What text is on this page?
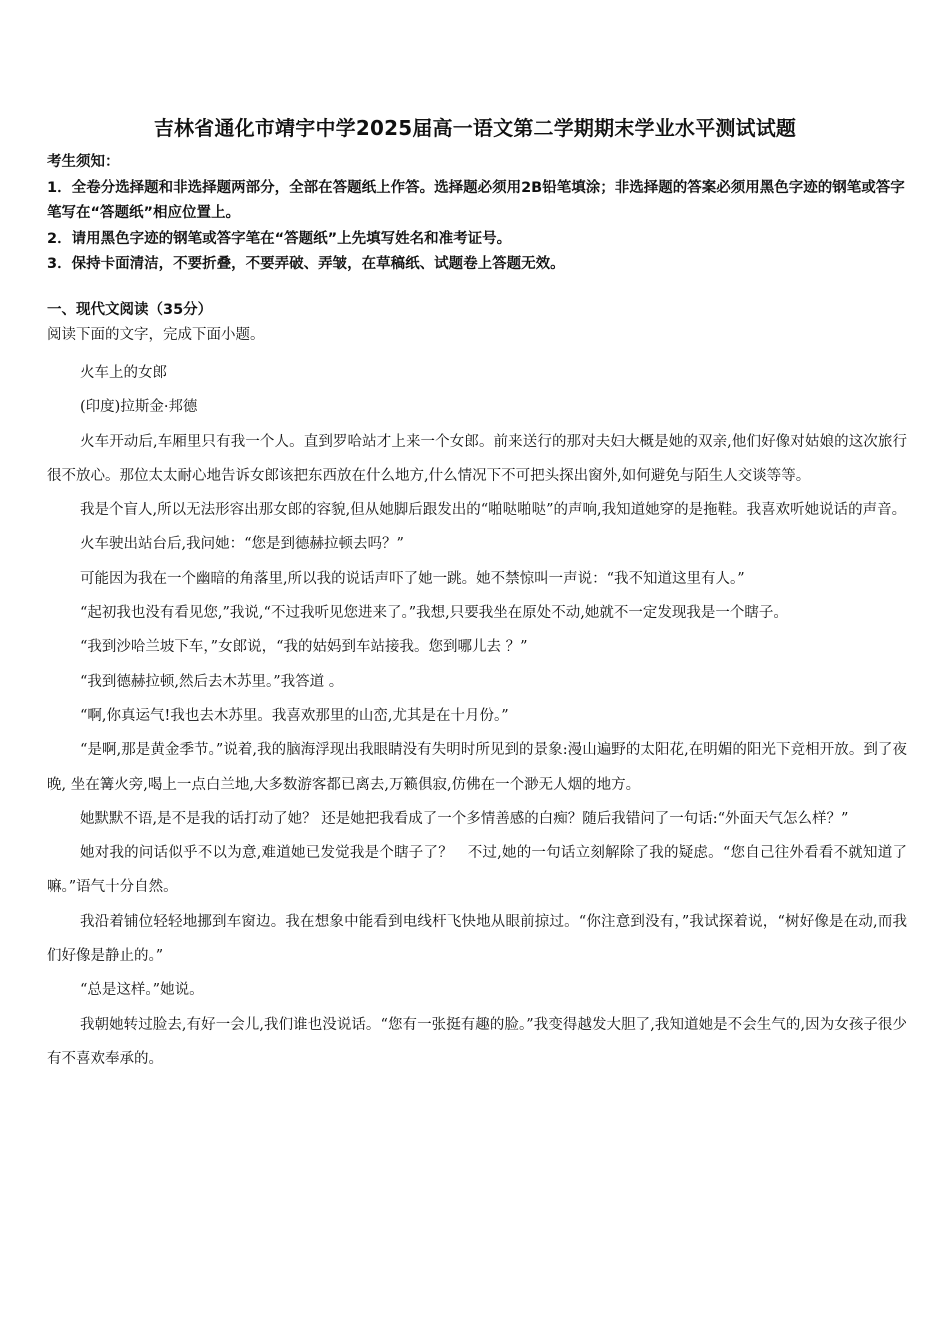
吉林省通化市靖宇中学2025届高一语文第二学期期末学业水平测试试题
考生须知：
1．全卷分选择题和非选择题两部分，全部在答题纸上作答。选择题必须用2B铅笔填涂；非选择题的答案必须用黑色字迹的钢笔或答字笔写在“答题纸”相应位置上。
2．请用黑色字迹的钢笔或答字笔在“答题纸”上先填写姓名和准考证号。
3．保持卡面清洁，不要折叠，不要弄破、弄皱，在草稿纸、试题卷上答题无效。
一、现代文阅读（35分）
阅读下面的文字，完成下面小题。

火车上的女郎

(印度)拉斯金·邦德

火车开动后,车厢里只有我一个人。直到罗哈站才上来一个女郎。前来送行的那对夫妇大概是她的双亲,他们好像对姑娘的这次旅行很不放心。那位太太耐心地告诉女郎该把东西放在什么地方,什么情况下不可把头探出窗外,如何避免与陌生人交谈等等。

我是个盲人,所以无法形容出那女郎的容貌,但从她脚后跟发出的“啪哒啪哒”的声响,我知道她穿的是拖鞋。我喜欢听她说话的声音。

火车驶出站台后,我问她：“您是到德赫拉顿去吗？”

可能因为我在一个幽暗的角落里,所以我的说话声吓了她一跳。她不禁惊叫一声说：“我不知道这里有人。”

“起初我也没有看见您,”我说,“不过我听见您进来了。”我想,只要我坐在原处不动,她就不一定发现我是一个瞎子。

“我到沙哈兰坡下车，”女郎说，“我的姑妈到车站接我。您到哪儿去 ？”

“我到德赫拉顿,然后去木苏里。”我答道 。

“啊,你真运气!我也去木苏里。我喜欢那里的山峦,尤其是在十月份。”

“是啊,那是黄金季节。”说着,我的脑海浮现出我眼睛没有失明时所见到的景象:漫山遍野的太阳花,在明媚的阳光下竞相开放。到了夜晚, 坐在篝火旁,喝上一点白兰地,大多数游客都已离去,万籁俱寂,仿佛在一个渺无人烟的地方。

她默默不语,是不是我的话打动了她？ 还是她把我看成了一个多情善感的白痴？随后我错问了一句话:“外面天气怎么样？”

她对我的问话似乎不以为意,难道她已发觉我是个瞎子了？　不过,她的一句话立刻解除了我的疑虑。“您自己往外看看不就知道了嘛。”语气十分自然。

我沿着铺位轻轻地挪到车窗边。我在想象中能看到电线杆飞快地从眼前掠过。“你注意到没有，”我试探着说，“树好像是在动,而我们好像是静止的。”

“总是这样。”她说。

我朝她转过脸去,有好一会儿,我们谁也没说话。“您有一张挺有趣的脸。”我变得越发大胆了,我知道她是不会生气的,因为女孩子很少有不喜欢奉承的。
